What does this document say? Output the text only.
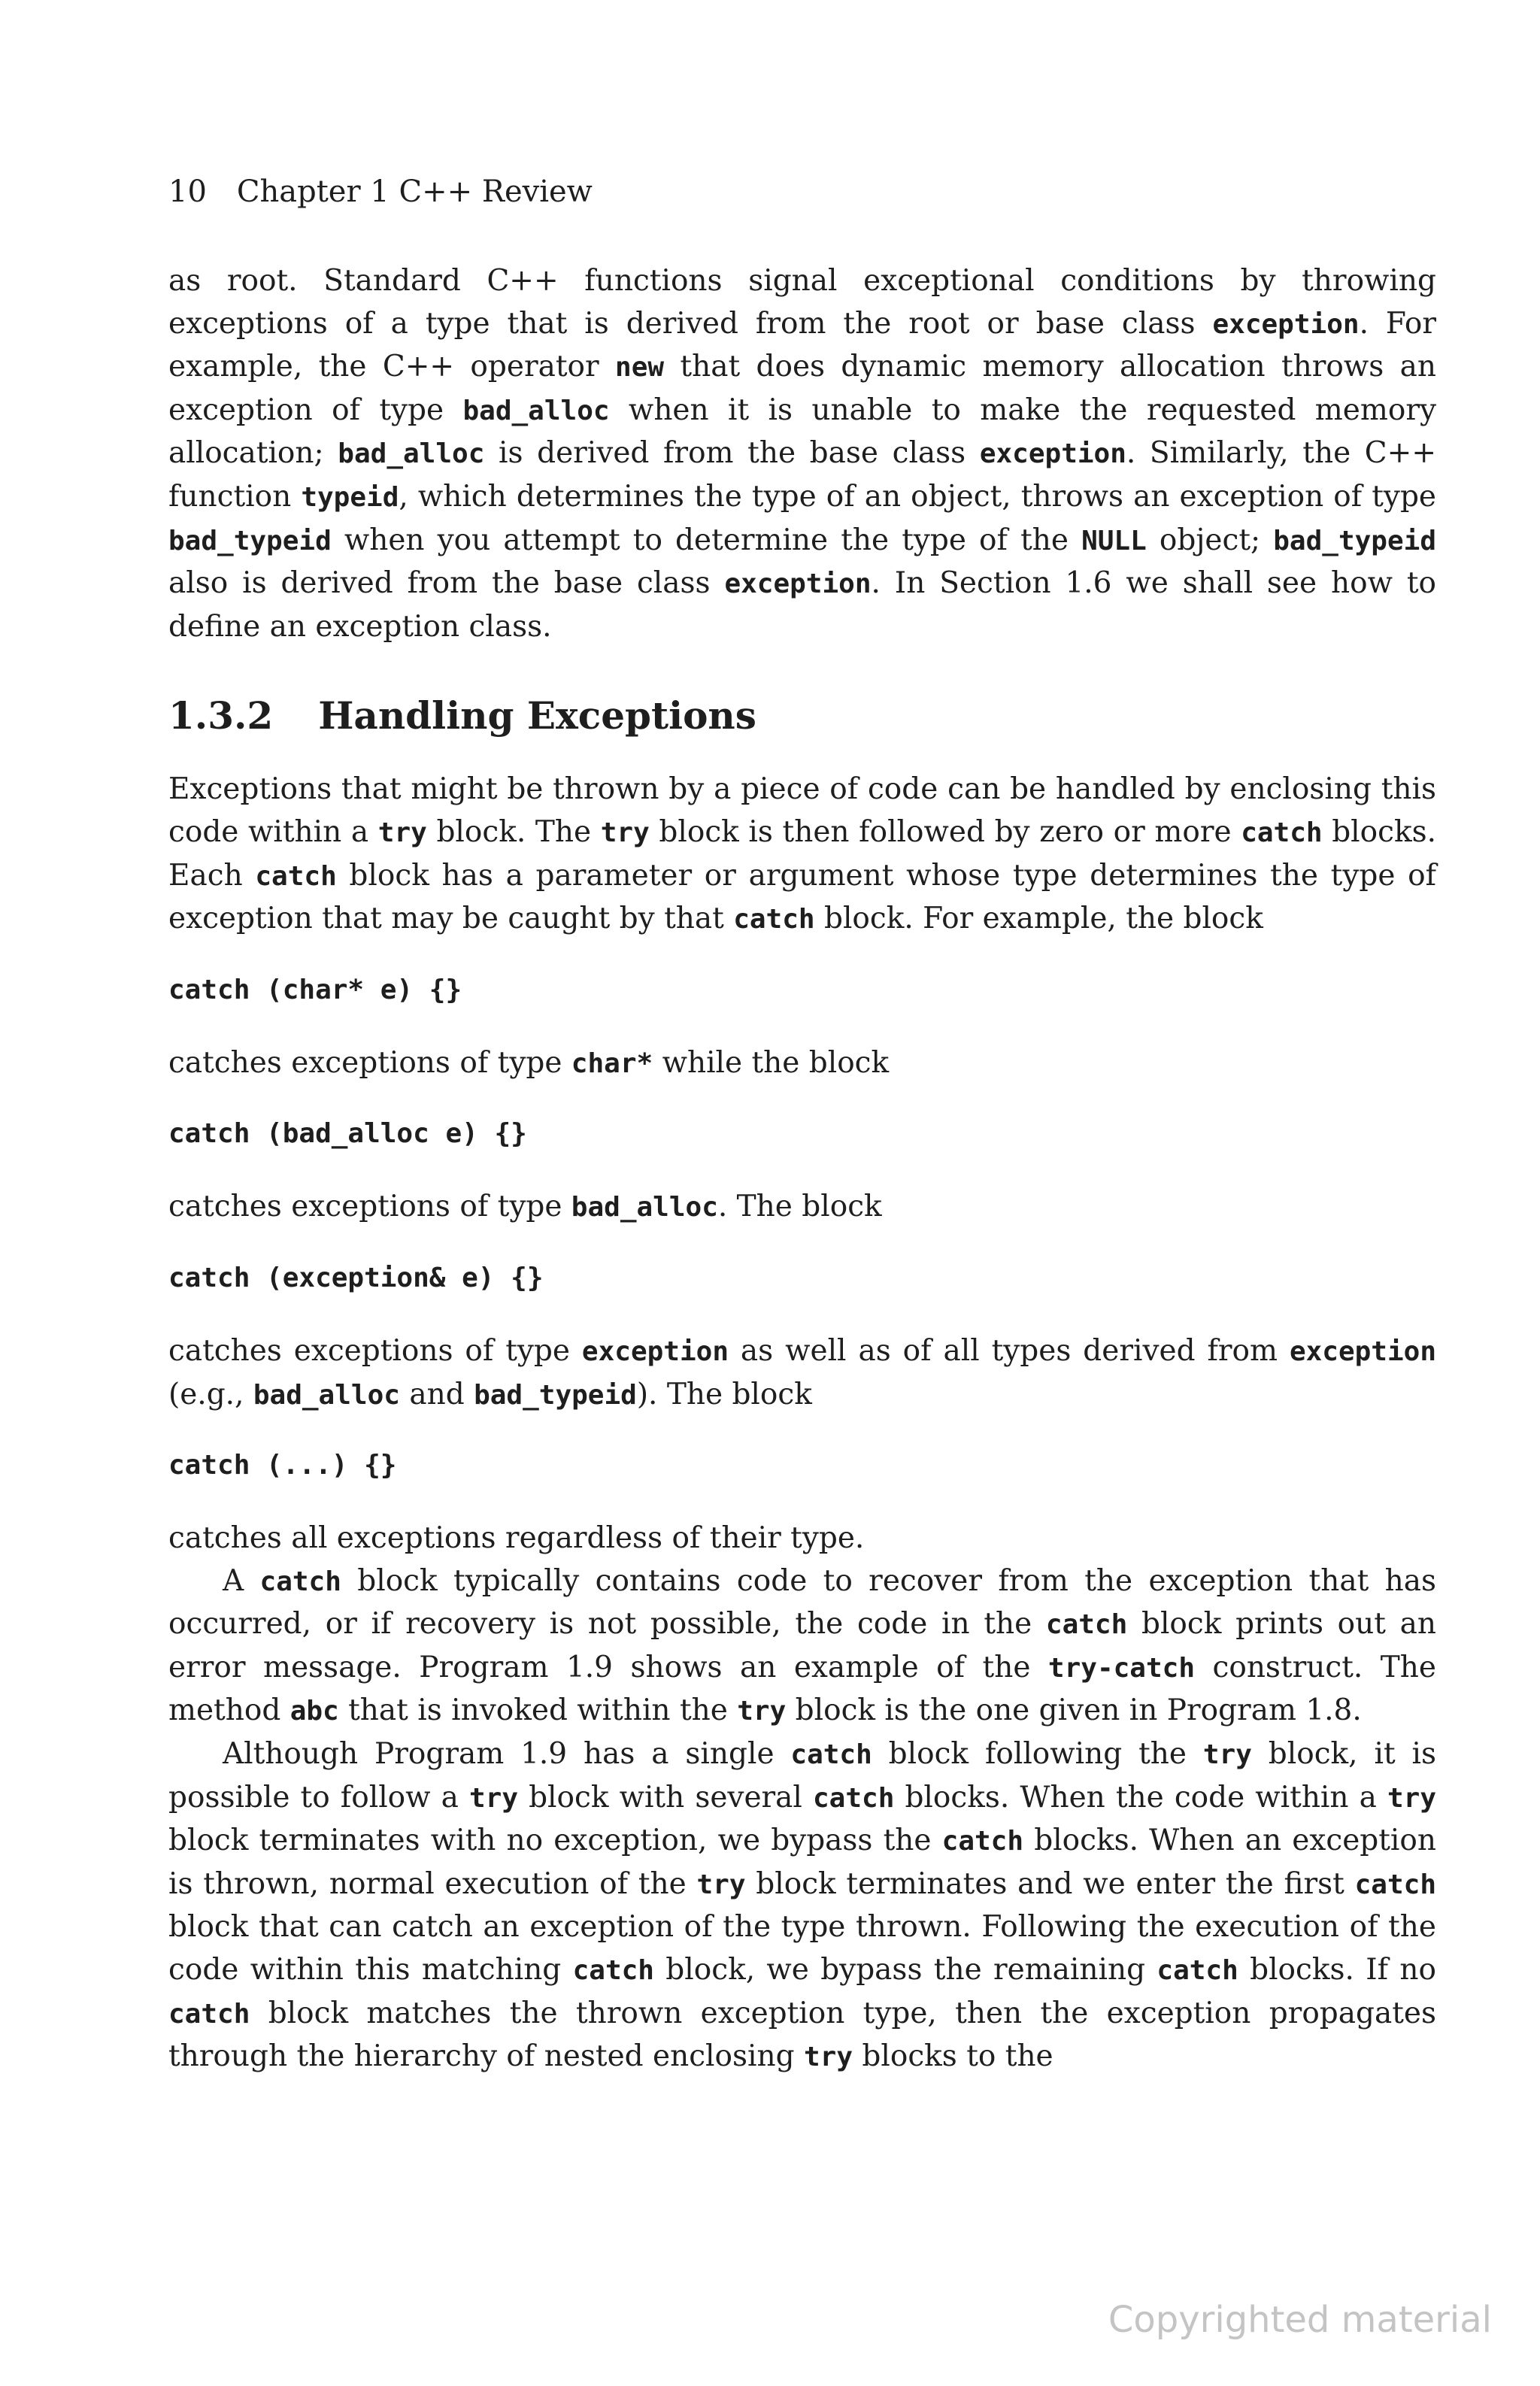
10 Chapter 1 C++ Review

as root. Standard C++ functions signal exceptional conditions by throwing exceptions of a type that is derived from the root or base class exception. For example, the C++ operator new that does dynamic memory allocation throws an exception of type bad_alloc when it is unable to make the requested memory allocation; bad_alloc is derived from the base class exception. Similarly, the C++ function typeid, which determines the type of an object, throws an exception of type bad_typeid when you attempt to determine the type of the NULL object; bad_typeid also is derived from the base class exception. In Section 1.6 we shall see how to define an exception class.

1.3.2 Handling Exceptions

Exceptions that might be thrown by a piece of code can be handled by enclosing this code within a try block. The try block is then followed by zero or more catch blocks. Each catch block has a parameter or argument whose type determines the type of exception that may be caught by that catch block. For example, the block

catch (char* e) {}

catches exceptions of type char* while the block

catch (bad_alloc e) {}

catches exceptions of type bad_alloc. The block

catch (exception& e) {}

catches exceptions of type exception as well as of all types derived from exception (e.g., bad_alloc and bad_typeid). The block

catch (...) {}

catches all exceptions regardless of their type.

A catch block typically contains code to recover from the exception that has occurred, or if recovery is not possible, the code in the catch block prints out an error message. Program 1.9 shows an example of the try-catch construct. The method abc that is invoked within the try block is the one given in Program 1.8.

Although Program 1.9 has a single catch block following the try block, it is possible to follow a try block with several catch blocks. When the code within a try block terminates with no exception, we bypass the catch blocks. When an exception is thrown, normal execution of the try block terminates and we enter the first catch block that can catch an exception of the type thrown. Following the execution of the code within this matching catch block, we bypass the remaining catch blocks. If no catch block matches the thrown exception type, then the exception propagates through the hierarchy of nested enclosing try blocks to the

Copyrighted material
